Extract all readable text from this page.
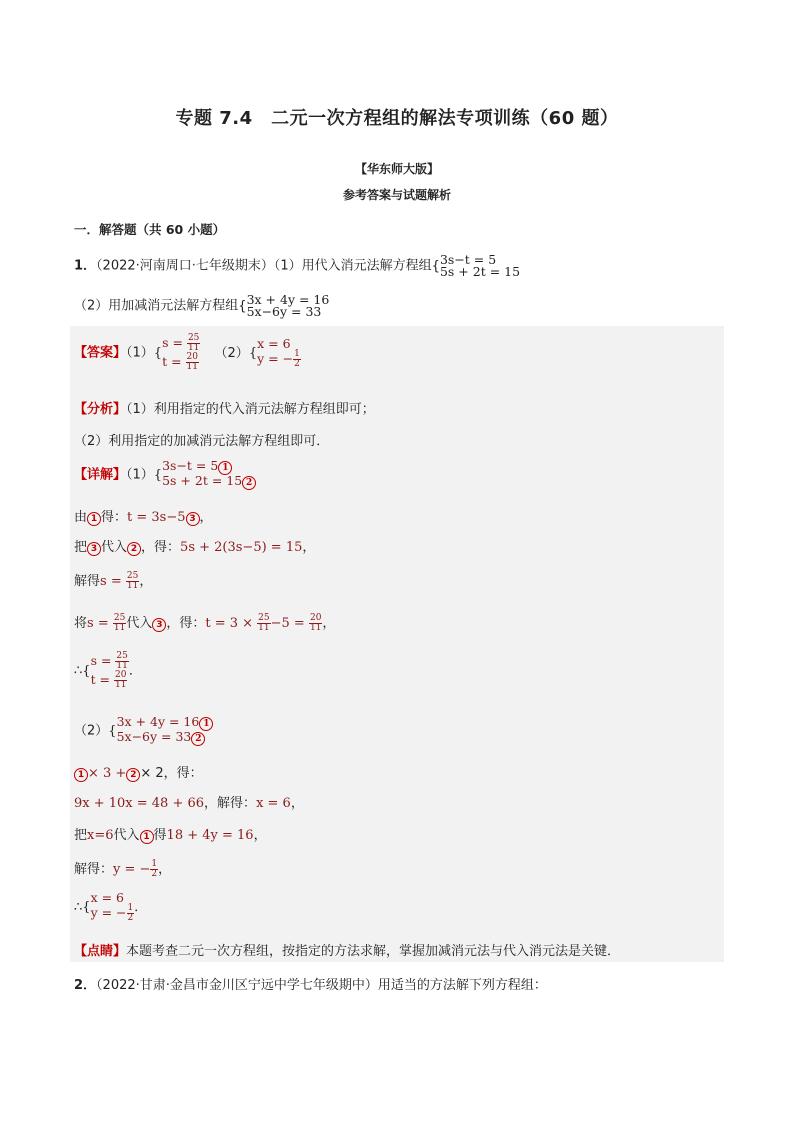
专题 7.4　二元一次方程组的解法专项训练（60 题）
【华东师大版】
参考答案与试题解析
一．解答题（共 60 小题）
1．（2022·河南周口·七年级期末）（1）用代入消元法解方程组{ 3s−t = 5
5s + 2t = 15
（2）用加减消元法解方程组{ 3x + 4y = 16
5x−6y = 33
【答案】（1）{
$s = \frac{25}{11}$
$t = \frac{20}{11} (2)${
x = 6
y = − $\frac{1}{2}$
【分析】（1）利用指定的代入消元法解方程组即可；
（2）利用指定的加减消元法解方程组即可．
【详解】（1）{
3s−t = 5 1
5s + 2t = 15 2
由 1 得：t = 3s−5 3 ，
把 3 代入 2 ，得：5s + 2(3s−5) = 15，
解得$s = \frac{25}{11}$ ，
将$s = \frac{25}{11}$ 代入 3 ，得：$t = 3 \times \frac{25}{11} -5 = \frac{20}{11}$ ，
∴{
$s = \frac{25}{11}$
$t = \frac{20}{11}$ ．
（2）{
3x + 4y = 16 1
5x−6y = 33 2
1 × 3 + 2 × 2，得：
9x + 10x = 48 + 66，解得：x = 6，
把x=6代入 1 得18 + 4y = 16，
解得：y = − $\frac{1}{2}$ ，
∴{
x = 6
y = − $\frac{1}{2}$ ．
【点睛】本题考查二元一次方程组，按指定的方法求解，掌握加减消元法与代入消元法是关键．
2．（2022·甘肃·金昌市金川区宁远中学七年级期中）用适当的方法解下列方程组：
